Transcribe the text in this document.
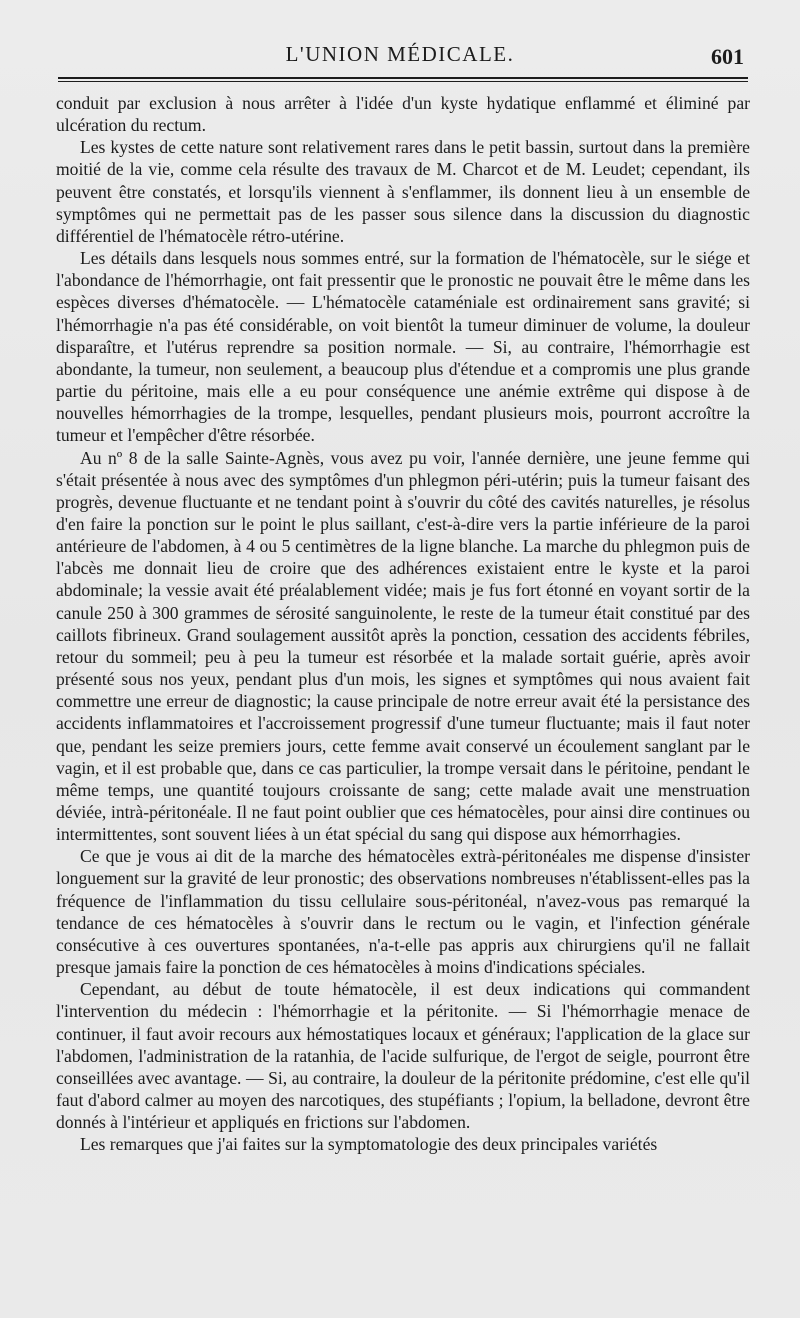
L'UNION MÉDICALE.	601

conduit par exclusion à nous arrêter à l'idée d'un kyste hydatique enflammé et éliminé par ulcération du rectum.

Les kystes de cette nature sont relativement rares dans le petit bassin, surtout dans la première moitié de la vie, comme cela résulte des travaux de M. Charcot et de M. Leudet; cependant, ils peuvent être constatés, et lorsqu'ils viennent à s'enflammer, ils donnent lieu à un ensemble de symptômes qui ne permettait pas de les passer sous silence dans la discussion du diagnostic différentiel de l'hématocèle rétro-utérine.

Les détails dans lesquels nous sommes entré, sur la formation de l'hématocèle, sur le siége et l'abondance de l'hémorrhagie, ont fait pressentir que le pronostic ne pouvait être le même dans les espèces diverses d'hématocèle. — L'hématocèle cataméniale est ordinairement sans gravité; si l'hémorrhagie n'a pas été considérable, on voit bientôt la tumeur diminuer de volume, la douleur disparaître, et l'utérus reprendre sa position normale. — Si, au contraire, l'hémorrhagie est abondante, la tumeur, non seulement, a beaucoup plus d'étendue et a compromis une plus grande partie du péritoine, mais elle a eu pour conséquence une anémie extrême qui dispose à de nouvelles hémorrhagies de la trompe, lesquelles, pendant plusieurs mois, pourront accroître la tumeur et l'empêcher d'être résorbée.

Au nº 8 de la salle Sainte-Agnès, vous avez pu voir, l'année dernière, une jeune femme qui s'était présentée à nous avec des symptômes d'un phlegmon péri-utérin; puis la tumeur faisant des progrès, devenue fluctuante et ne tendant point à s'ouvrir du côté des cavités naturelles, je résolus d'en faire la ponction sur le point le plus saillant, c'est-à-dire vers la partie inférieure de la paroi antérieure de l'abdomen, à 4 ou 5 centimètres de la ligne blanche. La marche du phlegmon puis de l'abcès me donnait lieu de croire que des adhérences existaient entre le kyste et la paroi abdominale; la vessie avait été préalablement vidée; mais je fus fort étonné en voyant sortir de la canule 250 à 300 grammes de sérosité sanguinolente, le reste de la tumeur était constitué par des caillots fibrineux. Grand soulagement aussitôt après la ponction, cessation des accidents fébriles, retour du sommeil; peu à peu la tumeur est résorbée et la malade sortait guérie, après avoir présenté sous nos yeux, pendant plus d'un mois, les signes et symptômes qui nous avaient fait commettre une erreur de diagnostic; la cause principale de notre erreur avait été la persistance des accidents inflammatoires et l'accroissement progressif d'une tumeur fluctuante; mais il faut noter que, pendant les seize premiers jours, cette femme avait conservé un écoulement sanglant par le vagin, et il est probable que, dans ce cas particulier, la trompe versait dans le péritoine, pendant le même temps, une quantité toujours croissante de sang; cette malade avait une menstruation déviée, intrà-péritonéale. Il ne faut point oublier que ces hématocèles, pour ainsi dire continues ou intermittentes, sont souvent liées à un état spécial du sang qui dispose aux hémorrhagies.

Ce que je vous ai dit de la marche des hématocèles extrà-péritonéales me dispense d'insister longuement sur la gravité de leur pronostic; des observations nombreuses n'établissent-elles pas la fréquence de l'inflammation du tissu cellulaire sous-péritonéal, n'avez-vous pas remarqué la tendance de ces hématocèles à s'ouvrir dans le rectum ou le vagin, et l'infection générale consécutive à ces ouvertures spontanées, n'a-t-elle pas appris aux chirurgiens qu'il ne fallait presque jamais faire la ponction de ces hématocèles à moins d'indications spéciales.

Cependant, au début de toute hématocèle, il est deux indications qui commandent l'intervention du médecin : l'hémorrhagie et la péritonite. — Si l'hémorrhagie menace de continuer, il faut avoir recours aux hémostatiques locaux et généraux; l'application de la glace sur l'abdomen, l'administration de la ratanhia, de l'acide sulfurique, de l'ergot de seigle, pourront être conseillées avec avantage. — Si, au contraire, la douleur de la péritonite prédomine, c'est elle qu'il faut d'abord calmer au moyen des narcotiques, des stupéfiants ; l'opium, la belladone, devront être donnés à l'intérieur et appliqués en frictions sur l'abdomen.

Les remarques que j'ai faites sur la symptomatologie des deux principales variétés
